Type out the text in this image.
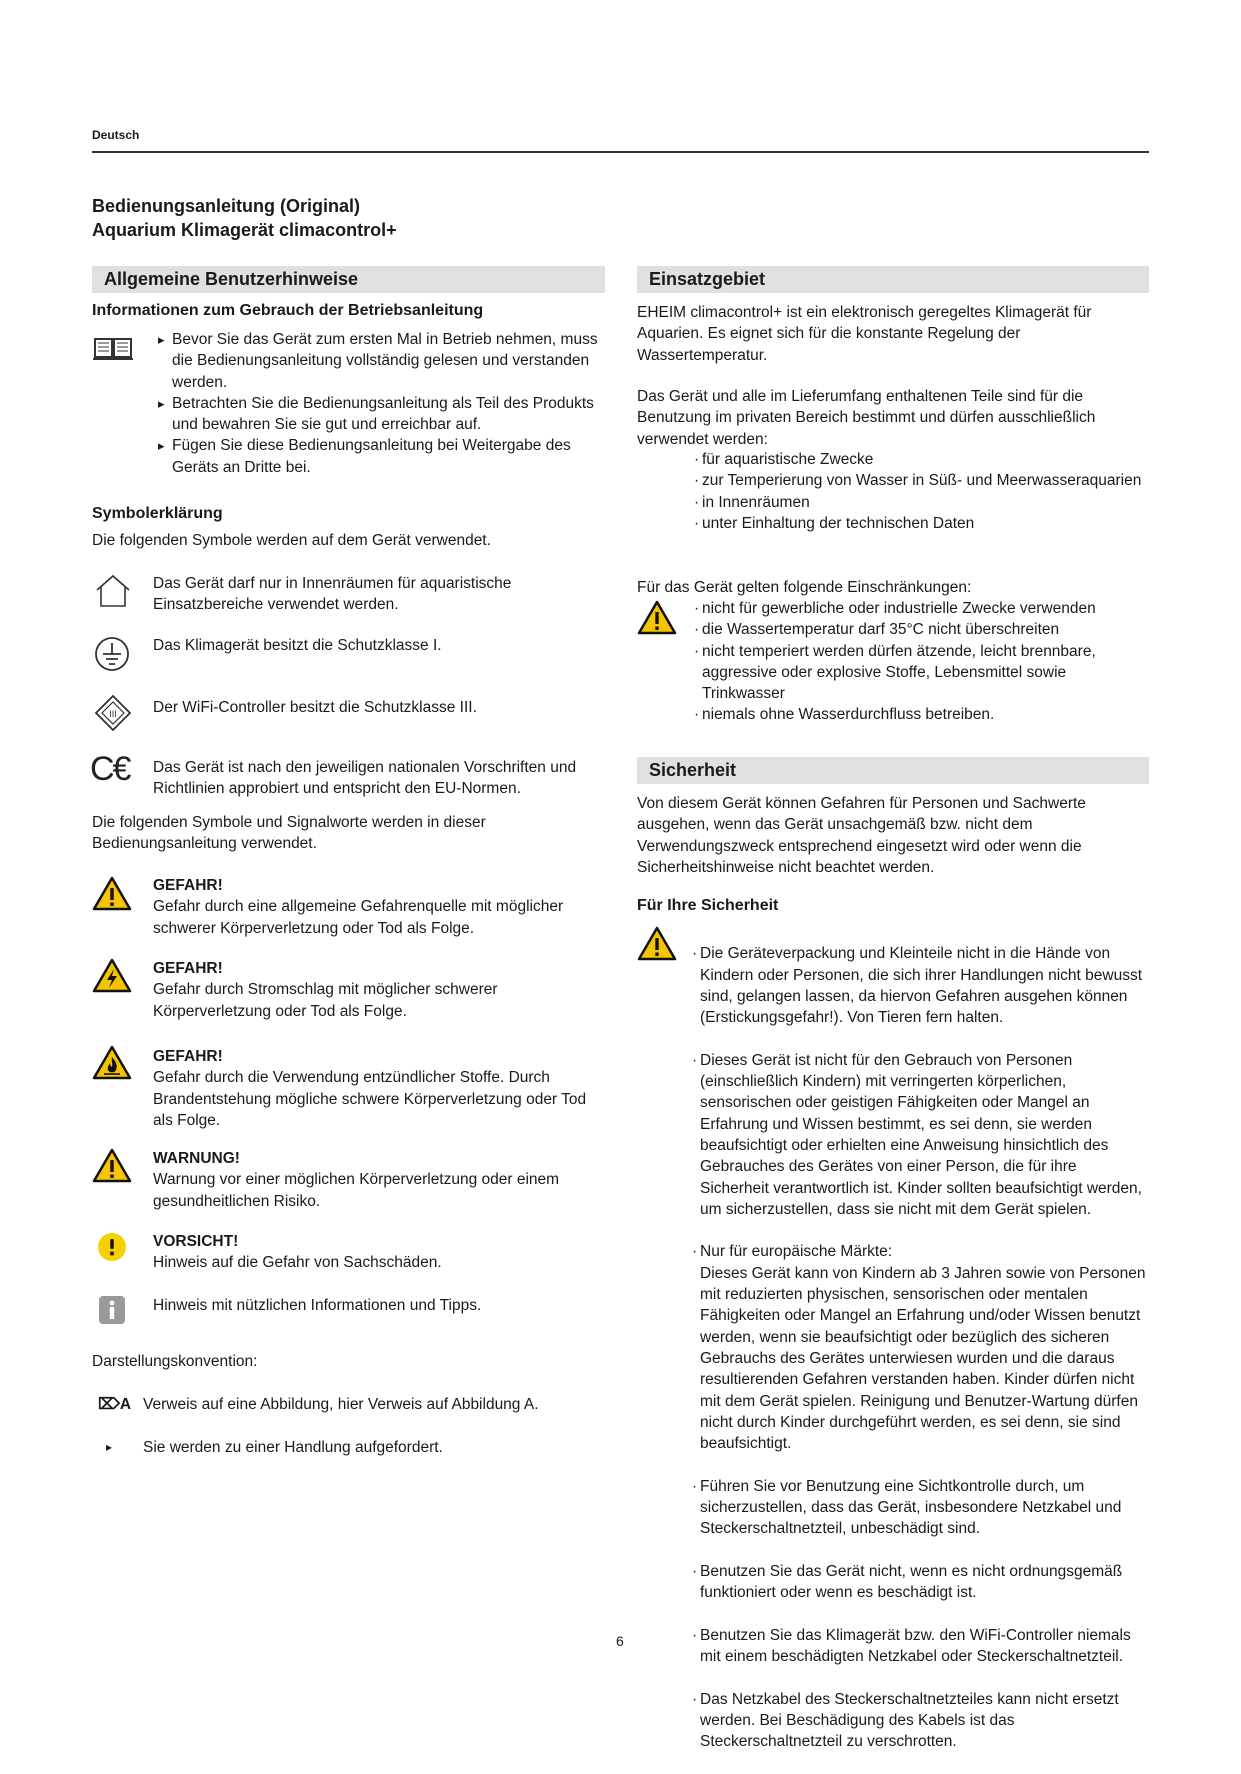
Deutsch
Bedienungsanleitung (Original)
Aquarium Klimagerät climacontrol+
Allgemeine Benutzerhinweise
Informationen zum Gebrauch der Betriebsanleitung
▸ Bevor Sie das Gerät zum ersten Mal in Betrieb nehmen, muss die Bedienungsanleitung vollständig gelesen und verstanden werden.
▸ Betrachten Sie die Bedienungsanleitung als Teil des Produkts und bewahren Sie sie gut und erreichbar auf.
▸ Fügen Sie diese Bedienungsanleitung bei Weitergabe des Geräts an Dritte bei.
Symbolerklärung
Die folgenden Symbole werden auf dem Gerät verwendet.
Das Gerät darf nur in Innenräumen für aquaristische Einsatzbereiche verwendet werden.
Das Klimagerät besitzt die Schutzklasse I.
III Der WiFi-Controller besitzt die Schutzklasse III.
C€ Das Gerät ist nach den jeweiligen nationalen Vorschriften und Richtlinien approbiert und entspricht den EU-Normen.
Die folgenden Symbole und Signalworte werden in dieser Bedienungsanleitung verwendet.
GEFAHR!
Gefahr durch eine allgemeine Gefahrenquelle mit möglicher schwerer Körperverletzung oder Tod als Folge.
GEFAHR!
Gefahr durch Stromschlag mit möglicher schwerer Körperverletzung oder Tod als Folge.
GEFAHR!
Gefahr durch die Verwendung entzündlicher Stoffe. Durch Brandentstehung mögliche schwere Körperverletzung oder Tod als Folge.
WARNUNG!
Warnung vor einer möglichen Körperverletzung oder einem gesundheitlichen Risiko.
VORSICHT!
Hinweis auf die Gefahr von Sachschäden.
Hinweis mit nützlichen Informationen und Tipps.
Darstellungskonvention:
⌦A Verweis auf eine Abbildung, hier Verweis auf Abbildung A.
▸ Sie werden zu einer Handlung aufgefordert.
Einsatzgebiet
EHEIM climacontrol+ ist ein elektronisch geregeltes Klimagerät für Aquarien. Es eignet sich für die konstante Regelung der Wassertemperatur.
Das Gerät und alle im Lieferumfang enthaltenen Teile sind für die Benutzung im privaten Bereich bestimmt und dürfen ausschließlich verwendet werden:
· für aquaristische Zwecke
· zur Temperierung von Wasser in Süß- und Meerwasseraquarien
· in Innenräumen
· unter Einhaltung der technischen Daten
Für das Gerät gelten folgende Einschränkungen:
· nicht für gewerbliche oder industrielle Zwecke verwenden
· die Wassertemperatur darf 35°C nicht überschreiten
· nicht temperiert werden dürfen ätzende, leicht brennbare, aggressive oder explosive Stoffe, Lebensmittel sowie Trinkwasser
· niemals ohne Wasserdurchfluss betreiben.
Sicherheit
Von diesem Gerät können Gefahren für Personen und Sachwerte ausgehen, wenn das Gerät unsachgemäß bzw. nicht dem Verwendungszweck entsprechend eingesetzt wird oder wenn die Sicherheitshinweise nicht beachtet werden.
Für Ihre Sicherheit

· Die Geräteverpackung und Kleinteile nicht in die Hände von Kindern oder Personen, die sich ihrer Handlungen nicht bewusst sind, gelangen lassen, da hiervon Gefahren ausgehen können (Erstickungsgefahr!). Von Tieren fern halten.

· Dieses Gerät ist nicht für den Gebrauch von Personen (einschließlich Kindern) mit verringerten körperlichen, sensorischen oder geistigen Fähigkeiten oder Mangel an Erfahrung und Wissen bestimmt, es sei denn, sie werden beaufsichtigt oder erhielten eine Anweisung hinsichtlich des Gebrauches des Gerätes von einer Person, die für ihre Sicherheit verantwortlich ist. Kinder sollten beaufsichtigt werden, um sicherzustellen, dass sie nicht mit dem Gerät spielen.

· Nur für europäische Märkte:
Dieses Gerät kann von Kindern ab 3 Jahren sowie von Personen mit reduzierten physischen, sensorischen oder mentalen Fähigkeiten oder Mangel an Erfahrung und/oder Wissen benutzt werden, wenn sie beaufsichtigt oder bezüglich des sicheren Gebrauchs des Gerätes unterwiesen wurden und die daraus resultierenden Gefahren verstanden haben. Kinder dürfen nicht mit dem Gerät spielen. Reinigung und Benutzer-Wartung dürfen nicht durch Kinder durchgeführt werden, es sei denn, sie sind beaufsichtigt.

· Führen Sie vor Benutzung eine Sichtkontrolle durch, um sicherzustellen, dass das Gerät, insbesondere Netzkabel und Steckerschaltnetzteil, unbeschädigt sind.

· Benutzen Sie das Gerät nicht, wenn es nicht ordnungsgemäß funktioniert oder wenn es beschädigt ist.

· Benutzen Sie das Klimagerät bzw. den WiFi-Controller niemals mit einem beschädigten Netzkabel oder Steckerschaltnetzteil.

· Das Netzkabel des Steckerschaltnetzteiles kann nicht ersetzt werden. Bei Beschädigung des Kabels ist das Steckerschaltnetzteil zu verschrotten.

6
